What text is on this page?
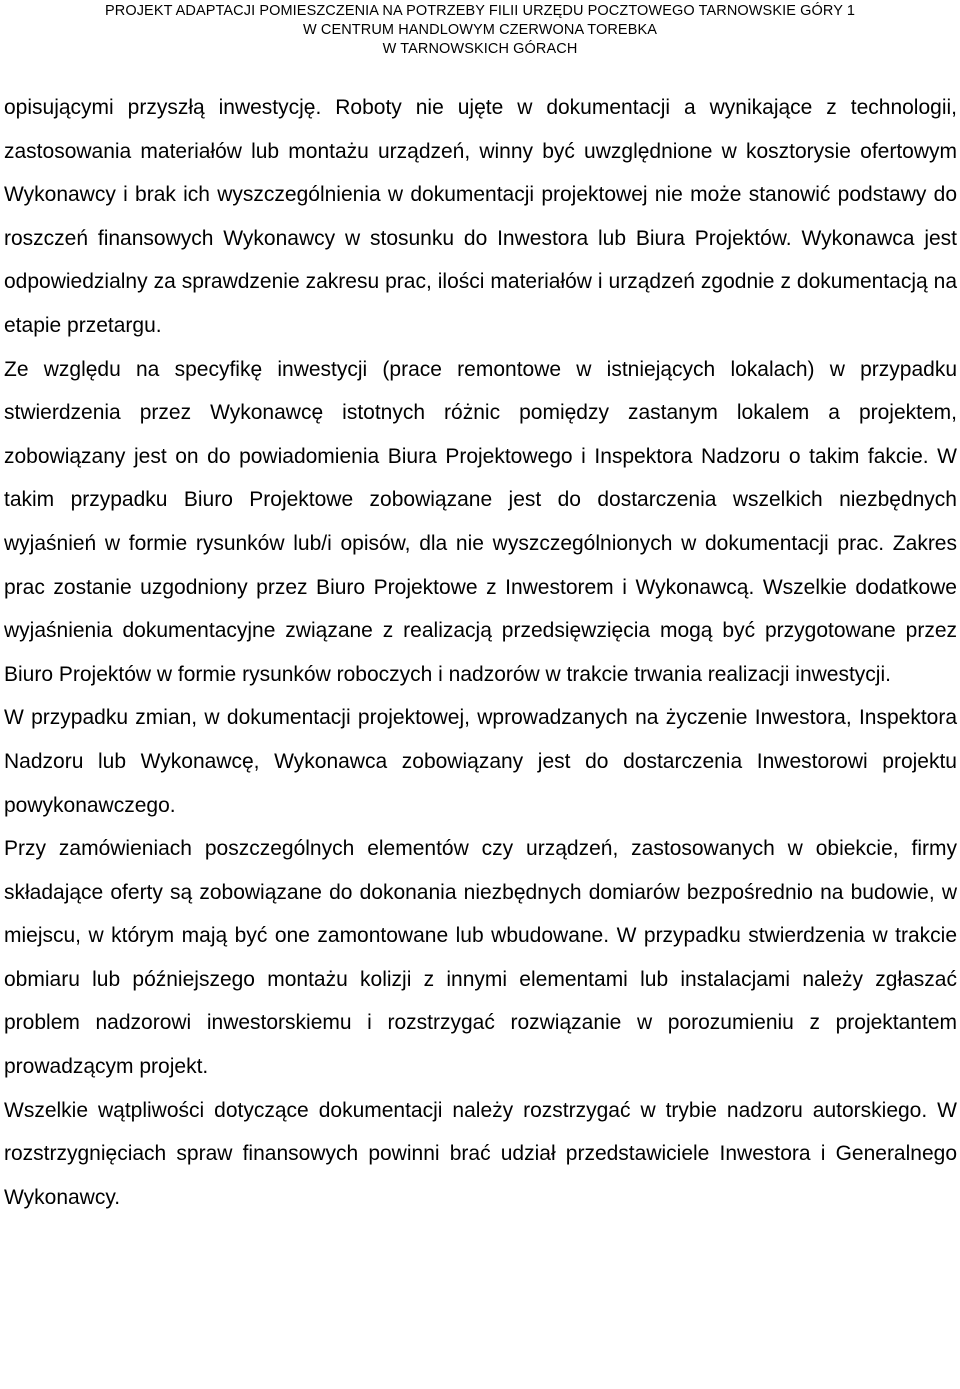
PROJEKT ADAPTACJI POMIESZCZENIA NA POTRZEBY FILII URZĘDU POCZTOWEGO TARNOWSKIE GÓRY 1
W CENTRUM HANDLOWYM CZERWONA TOREBKA
W TARNOWSKICH GÓRACH

opisującymi przyszłą inwestycję. Roboty nie ujęte w dokumentacji a wynikające z technologii, zastosowania materiałów lub montażu urządzeń, winny być uwzględnione w kosztorysie ofertowym Wykonawcy i brak ich wyszczególnienia w dokumentacji projektowej nie może stanowić podstawy do roszczeń finansowych Wykonawcy w stosunku do Inwestora lub Biura Projektów. Wykonawca jest odpowiedzialny za sprawdzenie zakresu prac, ilości materiałów i urządzeń zgodnie z dokumentacją na etapie przetargu.

Ze względu na specyfikę inwestycji (prace remontowe w istniejących lokalach) w przypadku stwierdzenia przez Wykonawcę istotnych różnic pomiędzy zastanym lokalem a projektem, zobowiązany jest on do powiadomienia Biura Projektowego i Inspektora Nadzoru o takim fakcie. W takim przypadku Biuro Projektowe zobowiązane jest do dostarczenia wszelkich niezbędnych wyjaśnień w formie rysunków lub/i opisów, dla nie wyszczególnionych w dokumentacji prac. Zakres prac zostanie uzgodniony przez Biuro Projektowe z Inwestorem i Wykonawcą. Wszelkie dodatkowe wyjaśnienia dokumentacyjne związane z realizacją przedsięwzięcia mogą być przygotowane przez Biuro Projektów w formie rysunków roboczych i nadzorów w trakcie trwania realizacji inwestycji.

W przypadku zmian, w dokumentacji projektowej, wprowadzanych na życzenie Inwestora, Inspektora Nadzoru lub Wykonawcę, Wykonawca zobowiązany jest do dostarczenia Inwestorowi projektu powykonawczego.

Przy zamówieniach poszczególnych elementów czy urządzeń, zastosowanych w obiekcie, firmy składające oferty są zobowiązane do dokonania niezbędnych domiarów bezpośrednio na budowie, w miejscu, w którym mają być one zamontowane lub wbudowane. W przypadku stwierdzenia w trakcie obmiaru lub późniejszego montażu kolizji z innymi elementami lub instalacjami należy zgłaszać problem nadzorowi inwestorskiemu i rozstrzygać rozwiązanie w porozumieniu z projektantem prowadzącym projekt.

Wszelkie wątpliwości dotyczące dokumentacji należy rozstrzygać w trybie nadzoru autorskiego. W rozstrzygnięciach spraw finansowych powinni brać udział przedstawiciele Inwestora i Generalnego Wykonawcy.
